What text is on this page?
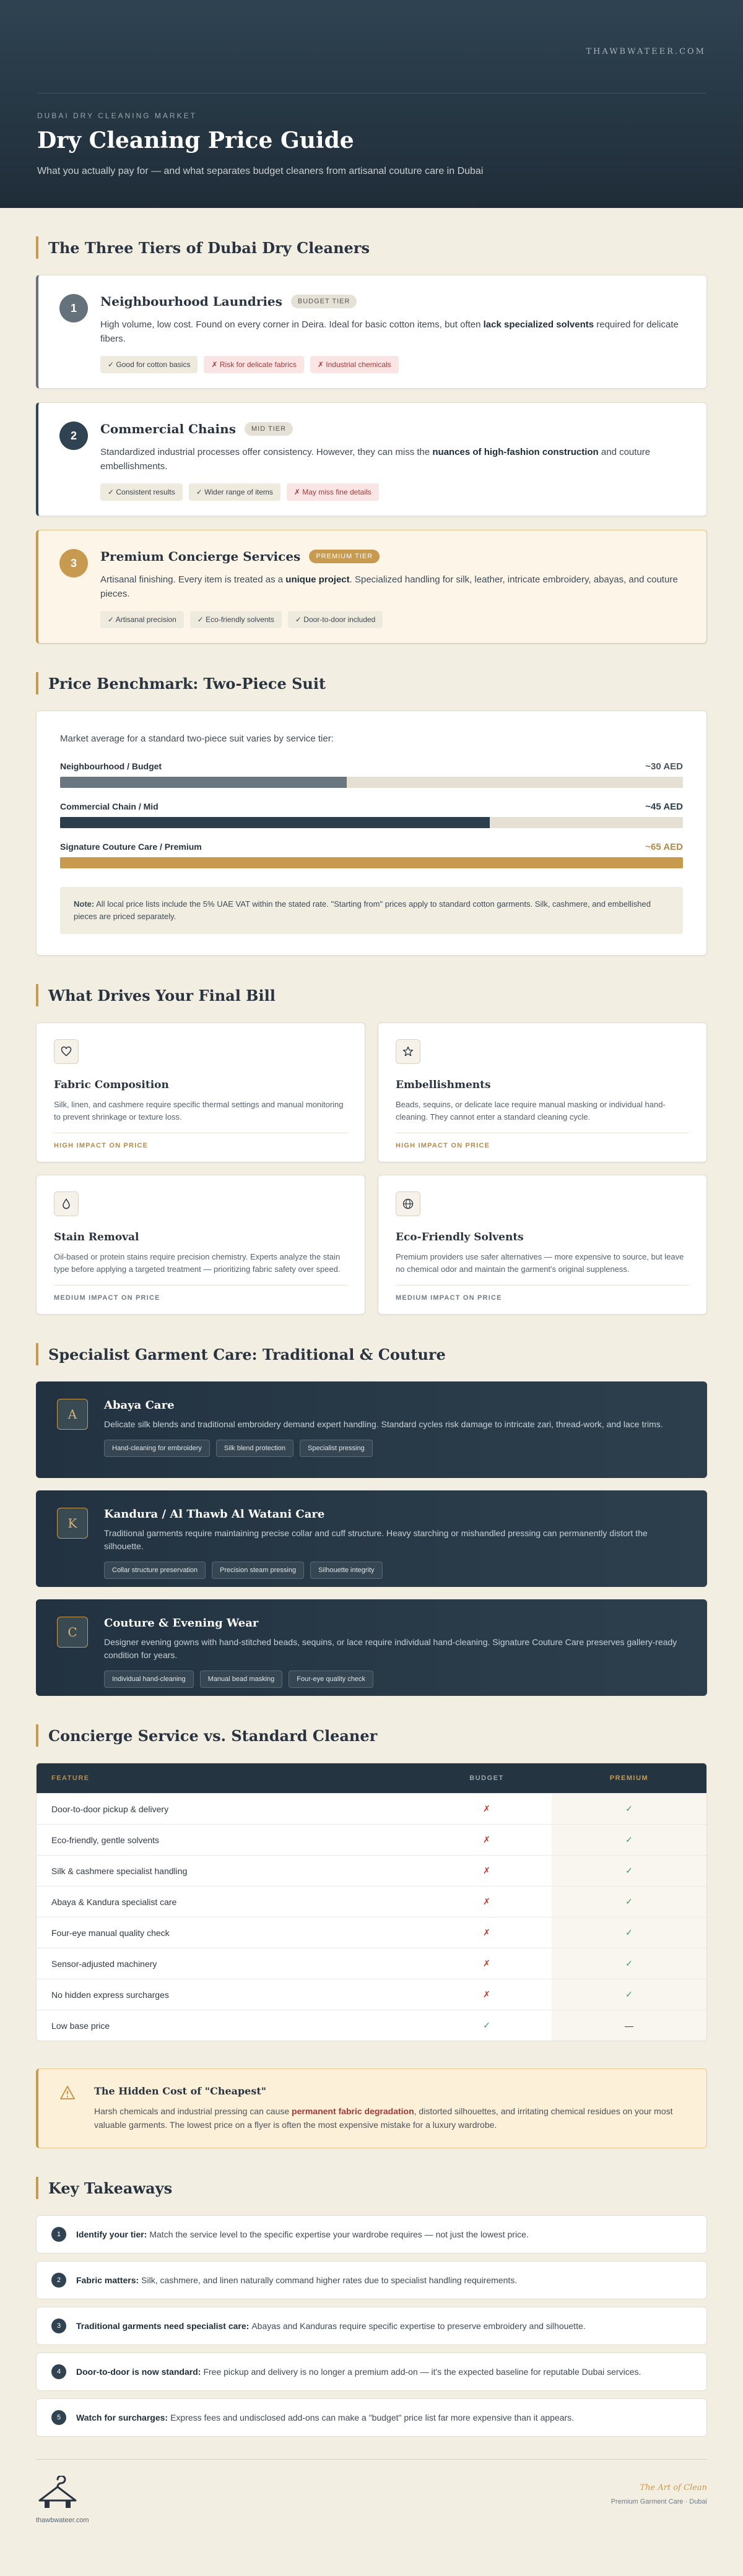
THAWBWATEER.COM
DUBAI DRY CLEANING MARKET
Dry Cleaning Price Guide
What you actually pay for — and what separates budget cleaners from artisanal couture care in Dubai
The Three Tiers of Dubai Dry Cleaners
1	Neighbourhood Laundries	BUDGET TIER

High volume, low cost. Found on every corner in Deira. Ideal for basic cotton items, but often lack specialized solvents required for delicate fibers.

✓ Good for cotton basics	✗ Risk for delicate fabrics	✗ Industrial chemicals
2	Commercial Chains	MID TIER

Standardized industrial processes offer consistency. However, they can miss the nuances of high-fashion construction and couture embellishments.

✓ Consistent results	✓ Wider range of items	✗ May miss fine details
3	Premium Concierge Services	PREMIUM TIER

Artisanal finishing. Every item is treated as a unique project. Specialized handling for silk, leather, intricate embroidery, abayas, and couture pieces.

✓ Artisanal precision	✓ Eco-friendly solvents	✓ Door-to-door included
Price Benchmark: Two-Piece Suit
Market average for a standard two-piece suit varies by service tier:
Neighbourhood / Budget	~30 AED
Commercial Chain / Mid	~45 AED
Signature Couture Care / Premium	~65 AED
Note: All local price lists include the 5% UAE VAT within the stated rate. "Starting from" prices apply to standard cotton garments. Silk, cashmere, and embellished pieces are priced separately.
What Drives Your Final Bill
Fabric Composition

Silk, linen, and cashmere require specific thermal settings and manual monitoring to prevent shrinkage or texture loss.

HIGH IMPACT ON PRICE
Embellishments

Beads, sequins, or delicate lace require manual masking or individual hand-cleaning. They cannot enter a standard cleaning cycle.

HIGH IMPACT ON PRICE
Stain Removal

Oil-based or protein stains require precision chemistry. Experts analyze the stain type before applying a targeted treatment — prioritizing fabric safety over speed.

MEDIUM IMPACT ON PRICE
Eco-Friendly Solvents

Premium providers use safer alternatives — more expensive to source, but leave no chemical odor and maintain the garment's original suppleness.

MEDIUM IMPACT ON PRICE
Specialist Garment Care: Traditional & Couture
A
Abaya Care

Delicate silk blends and traditional embroidery demand expert handling. Standard cycles risk damage to intricate zari, thread-work, and lace trims.

Hand-cleaning for embroidery	Silk blend protection	Specialist pressing
K
Kandura / Al Thawb Al Watani Care

Traditional garments require maintaining precise collar and cuff structure. Heavy starching or mishandled pressing can permanently distort the silhouette.

Collar structure preservation	Precision steam pressing	Silhouette integrity
C
Couture & Evening Wear

Designer evening gowns with hand-stitched beads, sequins, or lace require individual hand-cleaning. Signature Couture Care preserves gallery-ready condition for years.

Individual hand-cleaning	Manual bead masking	Four-eye quality check
Concierge Service vs. Standard Cleaner
FEATURE	BUDGET	PREMIUM
Door-to-door pickup & delivery	✗	✓
Eco-friendly, gentle solvents	✗	✓
Silk & cashmere specialist handling	✗	✓
Abaya & Kandura specialist care	✗	✓
Four-eye manual quality check	✗	✓
Sensor-adjusted machinery	✗	✓
No hidden express surcharges	✗	✓
Low base price	✓	—
The Hidden Cost of "Cheapest"

Harsh chemicals and industrial pressing can cause permanent fabric degradation, distorted silhouettes, and irritating chemical residues on your most valuable garments. The lowest price on a flyer is often the most expensive mistake for a luxury wardrobe.

Key Takeaways
1	Identify your tier: Match the service level to the specific expertise your wardrobe requires — not just the lowest price.
2	Fabric matters: Silk, cashmere, and linen naturally command higher rates due to specialist handling requirements.
3	Traditional garments need specialist care: Abayas and Kanduras require specific expertise to preserve embroidery and silhouette.
4	Door-to-door is now standard: Free pickup and delivery is no longer a premium add-on — it's the expected baseline for reputable Dubai services.
5	Watch for surcharges: Express fees and undisclosed add-ons can make a "budget" price list far more expensive than it appears.
thawbwateer.com
The Art of Clean
Premium Garment Care · Dubai
